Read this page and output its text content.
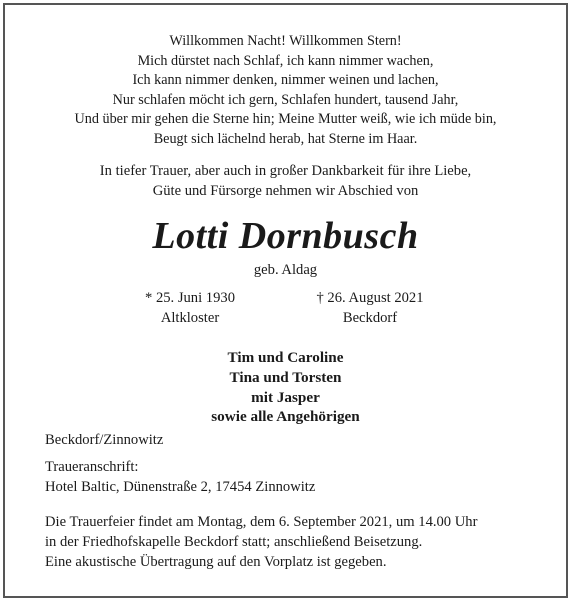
Willkommen Nacht! Willkommen Stern!
Mich dürstet nach Schlaf, ich kann nimmer wachen,
Ich kann nimmer denken, nimmer weinen und lachen,
Nur schlafen möcht ich gern, Schlafen hundert, tausend Jahr,
Und über mir gehen die Sterne hin; Meine Mutter weiß, wie ich müde bin,
Beugt sich lächelnd herab, hat Sterne im Haar.
In tiefer Trauer, aber auch in großer Dankbarkeit für ihre Liebe,
Güte und Fürsorge nehmen wir Abschied von
Lotti Dornbusch
geb. Aldag
* 25. Juni 1930
Altkloster
† 26. August 2021
Beckdorf
Tim und Caroline
Tina und Torsten
mit Jasper
sowie alle Angehörigen
Beckdorf/Zinnowitz
Traueranschrift:
Hotel Baltic, Dünenstraße 2, 17454 Zinnowitz
Die Trauerfeier findet am Montag, dem 6. September 2021, um 14.00 Uhr
in der Friedhofskapelle Beckdorf statt; anschließend Beisetzung.
Eine akustische Übertragung auf den Vorplatz ist gegeben.
